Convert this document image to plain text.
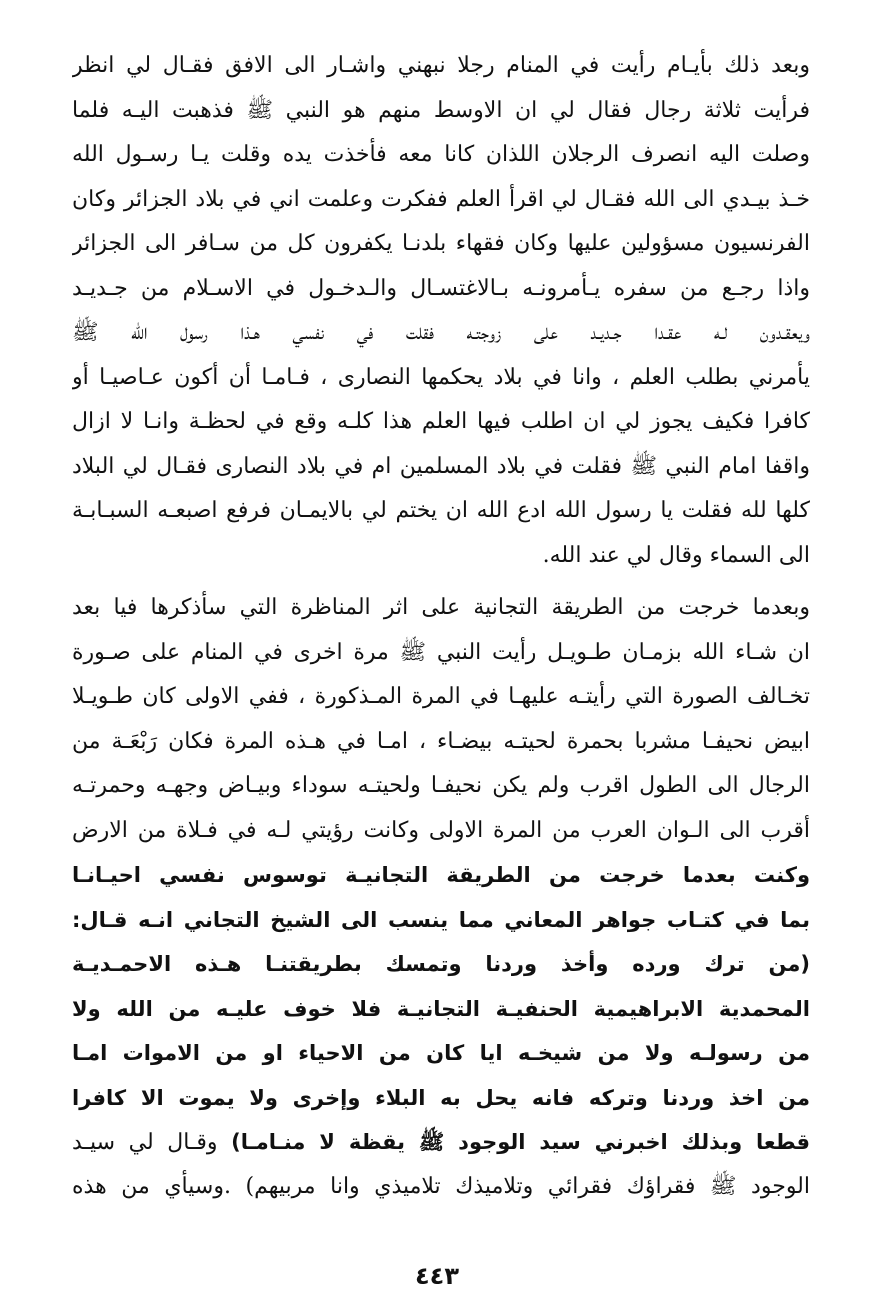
وبعد ذلك بأيـام رأيت في المنام رجلا نبهني واشـار الى الافق فقـال لي انظر
فرأيت ثلاثة رجال فقال لي ان الاوسط منهم هو النبي ﷺ فذهبت اليـه فلما
وصلت اليه انصرف الرجلان اللذان كانا معه فأخذت يده وقلت يـا رسـول الله
خـذ بيـدي الى الله فقـال لي اقرأ العلم ففكرت وعلمت اني في بلاد الجزائر وكان
الفرنسيون مسؤولين عليها وكان فقهاء بلدنـا يكفرون كل من سـافر الى الجزائر
واذا رجـع من سفره يـأمرونـه بـالاغتسـال والـدخـول في الاسـلام من جـديـد
ويعقـدون لـه عقـدا جـديـد على زوجتـه فقلت في نفسي هـذا رسول الله ﷺ
يأمرني بطلب العلم ، وانا في بلاد يحكمها النصارى ، فـامـا أن أكون عـاصيـا أو
كافرا فكيف يجوز لي ان اطلب فيها العلم هذا كلـه وقع في لحظـة وانـا لا ازال
واقفا امام النبي ﷺ فقلت في بلاد المسلمين ام في بلاد النصارى فقـال لي البلاد
كلها لله فقلت يا رسول الله ادع الله ان يختم لي بالايمـان فرفع اصبعـه السبـابـة
الى السماء وقال لي عند الله.
وبعدما خرجت من الطريقة التجانية على اثر المناظرة التي سأذكرها فيا بعد
ان شـاء الله بزمـان طـويـل رأيت النبي ﷺ مرة اخرى في المنام على صـورة
تخـالف الصورة التي رأيتـه عليهـا في المرة المـذكورة ، ففي الاولى كان طـويـلا
ابيض نحيفـا مشربا بحمرة لحيتـه بيضـاء ، امـا في هـذه المرة فكان رَبْعَـة من
الرجال الى الطول اقرب ولم يكن نحيفـا ولحيتـه سوداء وبيـاض وجهـه وحمرتـه
أقرب الى الـوان العرب من المرة الاولى وكانت رؤيتي لـه في فـلاة من الارض
وكنت بعدما خرجت من الطريقة التجانيـة توسوس نفسي احيـانـا
بما في كتـاب جواهر المعاني مما ينسب الى الشيخ التجاني انـه قـال:
(من ترك ورده وأخذ وردنا وتمسك بطريقتنـا هـذه الاحمـديـة
المحمدية الابراهيمية الحنفيـة التجانيـة فلا خوف عليـه من الله ولا
من رسولـه ولا من شيخـه ايا كان من الاحياء او من الاموات امـا
من اخذ وردنا وتركه فانه يحل به البلاء وإخرى ولا يموت الا كافرا
قطعا وبذلك اخبرني سيد الوجود ﷺ يقظة لا منـامـا) وقـال لي سيـد
الوجود ﷺ فقراؤك فقرائي وتلاميذك تلاميذي وانا مربيهم) .وسيأي من هذه
٤٤٣
